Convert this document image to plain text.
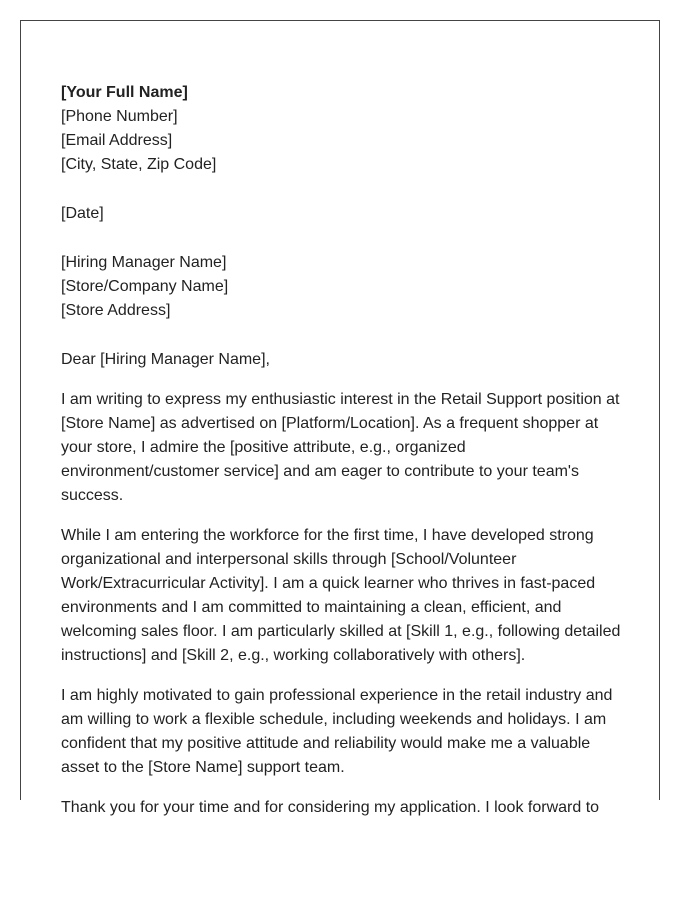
[Your Full Name]
[Phone Number]
[Email Address]
[City, State, Zip Code]
[Date]
[Hiring Manager Name]
[Store/Company Name]
[Store Address]

Dear [Hiring Manager Name],

I am writing to express my enthusiastic interest in the Retail Support position at
[Store Name] as advertised on [Platform/Location]. As a frequent shopper at
your store, I admire the [positive attribute, e.g., organized
environment/customer service] and am eager to contribute to your team's
success.

While I am entering the workforce for the first time, I have developed strong
organizational and interpersonal skills through [School/Volunteer
Work/Extracurricular Activity]. I am a quick learner who thrives in fast-paced
environments and I am committed to maintaining a clean, efficient, and
welcoming sales floor. I am particularly skilled at [Skill 1, e.g., following detailed
instructions] and [Skill 2, e.g., working collaboratively with others].

I am highly motivated to gain professional experience in the retail industry and
am willing to work a flexible schedule, including weekends and holidays. I am
confident that my positive attitude and reliability would make me a valuable
asset to the [Store Name] support team.

Thank you for your time and for considering my application. I look forward to
